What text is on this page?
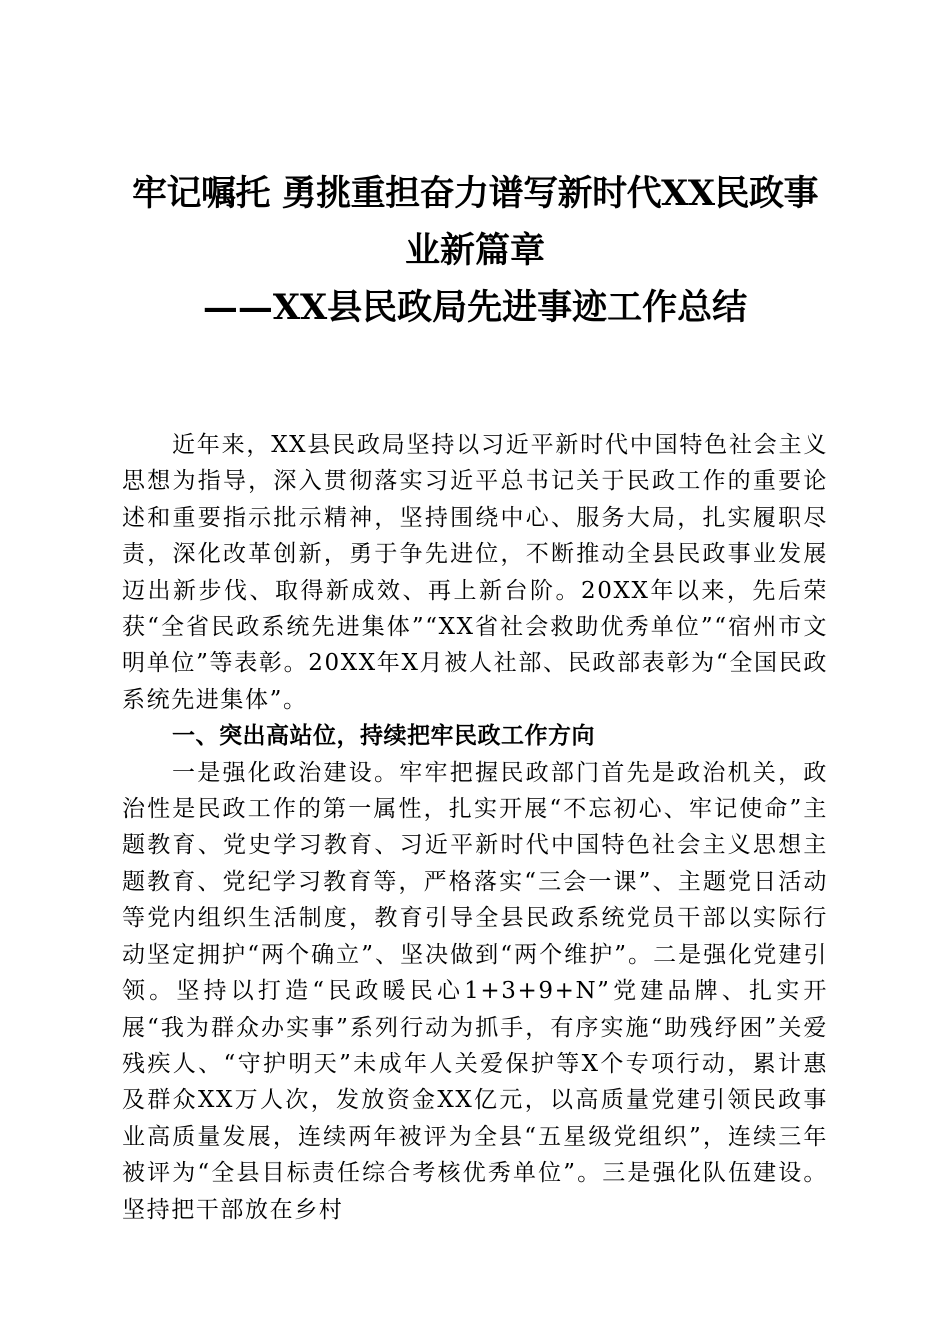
牢记嘱托 勇挑重担奋力谱写新时代XX民政事
业新篇章
——XX县民政局先进事迹工作总结

近年来，XX县民政局坚持以习近平新时代中国特色社会主义思想为指导，深入贯彻落实习近平总书记关于民政工作的重要论述和重要指示批示精神，坚持围绕中心、服务大局，扎实履职尽责，深化改革创新，勇于争先进位，不断推动全县民政事业发展迈出新步伐、取得新成效、再上新台阶。20XX年以来，先后荣获“全省民政系统先进集体”“XX省社会救助优秀单位”“宿州市文明单位”等表彰。20XX年X月被人社部、民政部表彰为“全国民政系统先进集体”。

一、突出高站位，持续把牢民政工作方向

一是强化政治建设。牢牢把握民政部门首先是政治机关，政治性是民政工作的第一属性，扎实开展“不忘初心、牢记使命”主题教育、党史学习教育、习近平新时代中国特色社会主义思想主题教育、党纪学习教育等，严格落实“三会一课”、主题党日活动等党内组织生活制度，教育引导全县民政系统党员干部以实际行动坚定拥护“两个确立”、坚决做到“两个维护”。二是强化党建引领。坚持以打造“民政暖民心1+3+9+N”党建品牌、扎实开展“我为群众办实事”系列行动为抓手，有序实施“助残纾困”关爱残疾人、“守护明天”未成年人关爱保护等X个专项行动，累计惠及群众XX万人次，发放资金XX亿元，以高质量党建引领民政事业高质量发展，连续两年被评为全县“五星级党组织”，连续三年被评为“全县目标责任综合考核优秀单位”。三是强化队伍建设。坚持把干部放在乡村
